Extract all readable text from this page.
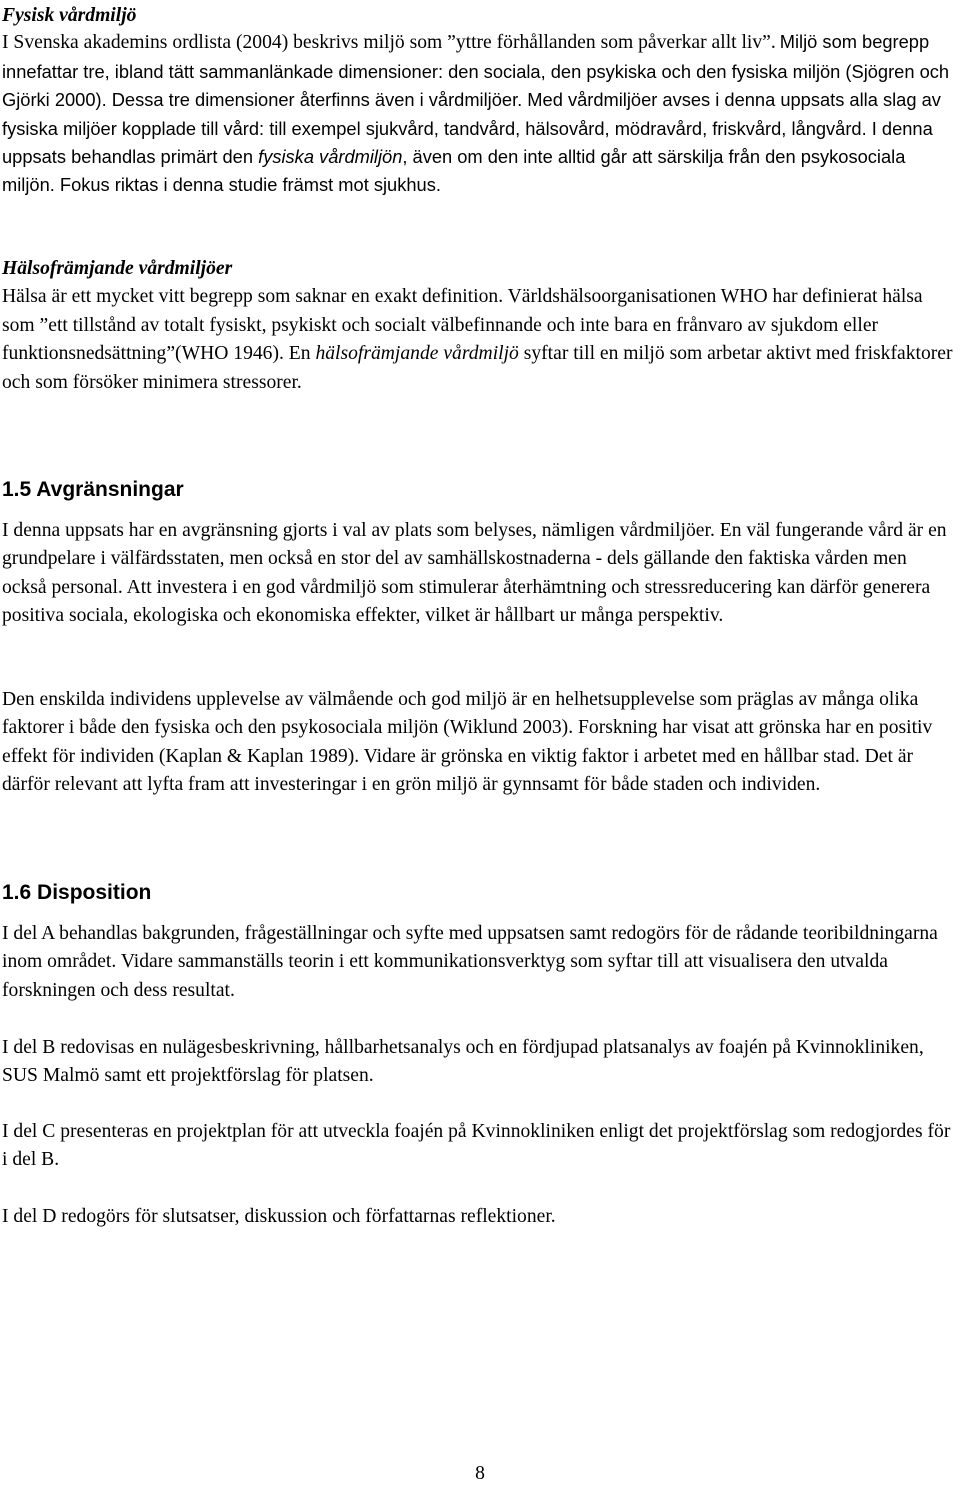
Fysisk vårdmiljö
I Svenska akademins ordlista (2004) beskrivs miljö som ”yttre förhållanden som påverkar allt liv”. Miljö som begrepp innefattar tre, ibland tätt sammanlänkade dimensioner: den sociala, den psykiska och den fysiska miljön (Sjögren och Gjörki 2000). Dessa tre dimensioner återfinns även i vårdmiljöer. Med vårdmiljöer avses i denna uppsats alla slag av fysiska miljöer kopplade till vård: till exempel sjukvård, tandvård, hälsovård, mödravård, friskvård, långvård. I denna uppsats behandlas primärt den fysiska vårdmiljön, även om den inte alltid går att särskilja från den psykosociala miljön. Fokus riktas i denna studie främst mot sjukhus.
Hälsofrämjande vårdmiljöer

Hälsa är ett mycket vitt begrepp som saknar en exakt definition. Världshälsoorganisationen WHO har definierat hälsa som ”ett tillstånd av totalt fysiskt, psykiskt och socialt välbefinnande och inte bara en frånvaro av sjukdom eller funktionsnedsättning”(WHO 1946). En hälsofrämjande vårdmiljö syftar till en miljö som arbetar aktivt med friskfaktorer och som försöker minimera stressorer.

1.5 Avgränsningar

I denna uppsats har en avgränsning gjorts i val av plats som belyses, nämligen vårdmiljöer. En väl fungerande vård är en grundpelare i välfärdsstaten, men också en stor del av samhällskostnaderna - dels gällande den faktiska vården men också personal. Att investera i en god vårdmiljö som stimulerar återhämtning och stressreducering kan därför generera positiva sociala, ekologiska och ekonomiska effekter, vilket är hållbart ur många perspektiv.

Den enskilda individens upplevelse av välmående och god miljö är en helhetsupplevelse som präglas av många olika faktorer i både den fysiska och den psykosociala miljön (Wiklund 2003). Forskning har visat att grönska har en positiv effekt för individen (Kaplan & Kaplan 1989). Vidare är grönska en viktig faktor i arbetet med en hållbar stad. Det är därför relevant att lyfta fram att investeringar i en grön miljö är gynnsamt för både staden och individen.

1.6 Disposition

I del A behandlas bakgrunden, frågeställningar och syfte med uppsatsen samt redogörs för de rådande teoribildningarna inom området. Vidare sammanställs teorin i ett kommunikationsverktyg som syftar till att visualisera den utvalda forskningen och dess resultat.

I del B redovisas en nulägesbeskrivning, hållbarhetsanalys och en fördjupad platsanalys av foajén på Kvinnokliniken, SUS Malmö samt ett projektförslag för platsen.

I del C presenteras en projektplan för att utveckla foajén på Kvinnokliniken enligt det projektförslag som redogjordes för i del B.

I del D redogörs för slutsatser, diskussion och författarnas reflektioner.

8
